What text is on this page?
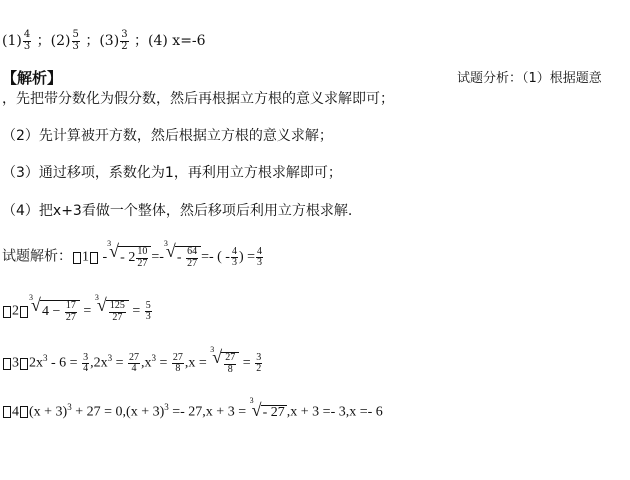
$(1) \frac{4}{3}$ ；$(2) \frac{5}{3}$ ；$(3) \frac{3}{2}$ ；(4) x=-6
【解析】	试题分析：（1）根据题意
，先把带分数化为假分数，然后再根据立方根的意义求解即可；
（2）先计算被开方数，然后根据立方根的意义求解；
（3）通过移项，系数化为1，再利用立方根求解即可；
（4）把x+3看做一个整体，然后移项后利用立方根求解.
试题解析： 1 $-^3√ - 2 \frac{10}{27} =-^3√ - \frac{64}{27}$ =- ( - $\frac{4}{3}$ ) = $\frac{4}{3}$
$2^3√$ $4 - \frac{17}{27} = ^3$
√ $\frac{125}{27} = \frac{5}{3}$
3 $2x^3 - 6 = \frac{3}{4} ,2x^3 = \frac{27}{4} ,x^3 = \frac{27}{8} ,x = ^3$
√ $\frac{27}{8} = \frac{3}{2}$
4 $(x + 3)^3 + 27 = 0,(x + 3)^3 =- 27,x + 3 = ^3√ - 27$ ,x + 3 =- 3,x =- 6
